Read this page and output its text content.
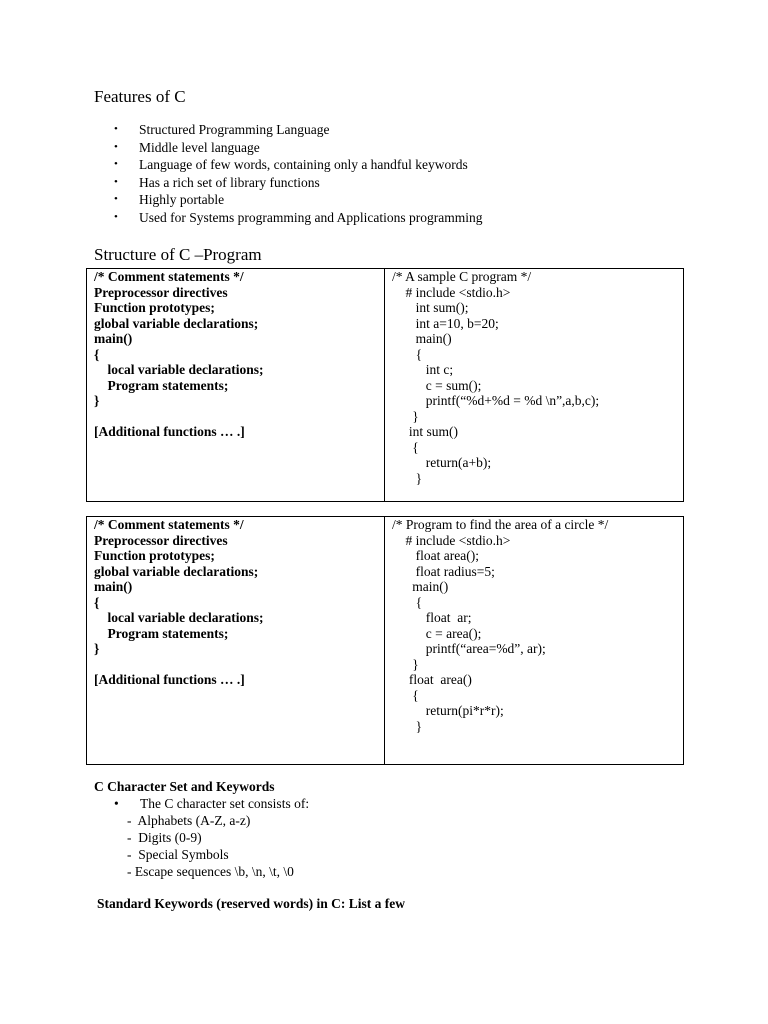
Features of C
• Structured Programming Language
• Middle level language
• Language of few words, containing only a handful keywords
• Has a rich set of library functions
• Highly portable
• Used for Systems programming and Applications programming
Structure of C –Program
/* Comment statements */
Preprocessor directives
Function prototypes;
global variable declarations;
main()
{
local variable declarations;
Program statements;
}
[Additional functions … .]
/* A sample C program */
# include <stdio.h>
int sum();
int a=10, b=20;
main()
{
int c;
c = sum();
printf(“%d+%d = %d \n”,a,b,c);
}
int sum()
{
return(a+b);
}
/* Comment statements */
Preprocessor directives
Function prototypes;
global variable declarations;
main()
{
local variable declarations;
Program statements;
}
[Additional functions … .]
/* Program to find the area of a circle */
# include <stdio.h>
float area();
float radius=5;
main()
{
float  ar;
c = area();
printf(“area=%d”, ar);
}
float  area()
{
return(pi*r*r);
}
C Character Set and Keywords
• The C character set consists of:
-  Alphabets (A-Z, a-z)
-  Digits (0-9)
-  Special Symbols
- Escape sequences \b, \n, \t, \0
Standard Keywords (reserved words) in C: List a few
